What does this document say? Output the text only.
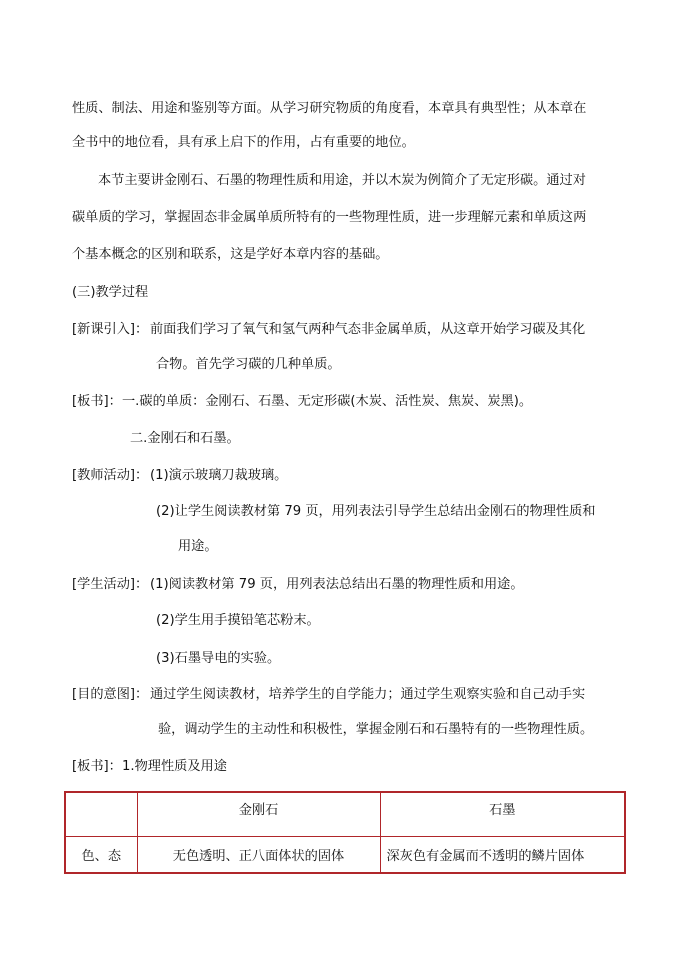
性质、制法、用途和鉴别等方面。从学习研究物质的角度看，本章具有典型性；从本章在
全书中的地位看，具有承上启下的作用，占有重要的地位。
本节主要讲金刚石、石墨的物理性质和用途，并以木炭为例简介了无定形碳。通过对
碳单质的学习，掌握固态非金属单质所特有的一些物理性质，进一步理解元素和单质这两
个基本概念的区别和联系，这是学好本章内容的基础。
(三)教学过程
[新课引入]： 前面我们学习了氧气和氢气两种气态非金属单质，从这章开始学习碳及其化
合物。首先学习碳的几种单质。
[板书]： 一.碳的单质：金刚石、石墨、无定形碳(木炭、活性炭、焦炭、炭黑)。
二.金刚石和石墨。
[教师活动]： (1)演示玻璃刀裁玻璃。
(2)让学生阅读教材第 79 页，用列表法引导学生总结出金刚石的物理性质和
用途。
[学生活动]： (1)阅读教材第 79 页，用列表法总结出石墨的物理性质和用途。
(2)学生用手摸铅笔芯粉末。
(3)石墨导电的实验。
[目的意图]： 通过学生阅读教材，培养学生的自学能力；通过学生观察实验和自己动手实
验，调动学生的主动性和积极性，掌握金刚石和石墨特有的一些物理性质。
[板书]： 1.物理性质及用途
	金刚石	石墨
色、态	无色透明、正八面体状的固体	深灰色有金属而不透明的鳞片固体
